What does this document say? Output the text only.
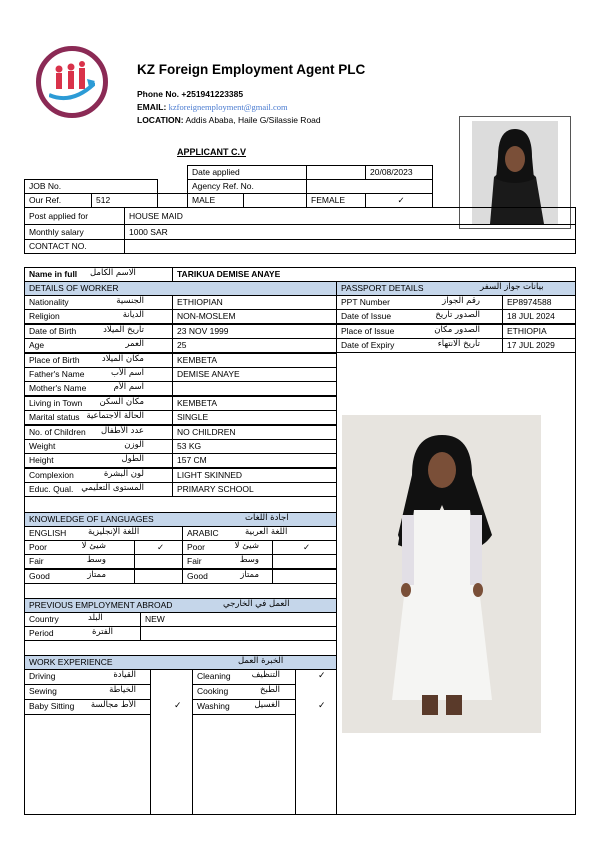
KZ Foreign Employment Agent PLC
Phone No. +251941223385
EMAIL: kzforeignemployment@gmail.com
LOCATION: Addis Ababa, Haile G/Silassie Road
APPLICANT C.V
Date applied	20/08/2023
JOB No.	Agency Ref. No.
Our Ref.	512	MALE	FEMALE	✓
Post applied for	HOUSE MAID
Monthly salary	1000 SAR
CONTACT NO.
Name in full	الاسم الكامل	TARIKUA DEMISE ANAYE
DETAILS OF WORKER
Nationality	الجنسية	ETHIOPIAN
Religion	الديانة	NON-MOSLEM
Date of Birth	تاريخ الميلاد	23 NOV 1999
Age	العمر	25
Place of Birth	مكان الميلاد	KEMBETA
Father's Name	اسم الأب	DEMISE ANAYE
Mother's Name	اسم الأم
Living in Town	مكان السكن	KEMBETA
Marital status الحالة الاجتماعية	SINGLE
No. of Children	عدد الأطفال	NO CHILDREN
Weight	الوزن	53 KG
Height	الطول	157 CM
Complexion	لون البشرة	LIGHT SKINNED
Educ. Qual. المستوى التعليمي	PRIMARY SCHOOL
PASSPORT DETAILS	بيانات جواز السفر
PPT Number	رقم الجواز	EP8974588
Date of Issue	الصدور تاريخ	18 JUL 2024
Place of Issue	الصدور مكان	ETHIOPIA
Date of Expiry	تاريخ الانتهاء	17 JUL 2029
KNOWLEDGE OF LANGUAGES	اجادة اللغات
ENGLISH	اللغة الإنجليزية	ARABIC	اللغة العربية
Poor	شيئ لا	✓	Poor	شيئ لا	✓
Fair	وسط	Fair	وسط
Good	ممتاز	Good	ممتاز
PREVIOUS EMPLOYMENT ABROAD	العمل في الخارجي
Country	البلد	NEW
Period	الفترة
WORK EXPERIENCE	الخبرة العمل
Driving	القيادة	Cleaning	التنظيف	✓
Sewing	الخياطة	Cooking	الطبخ
Baby Sitting	الأط مجالسة	✓	Washing	الغسيل	✓
